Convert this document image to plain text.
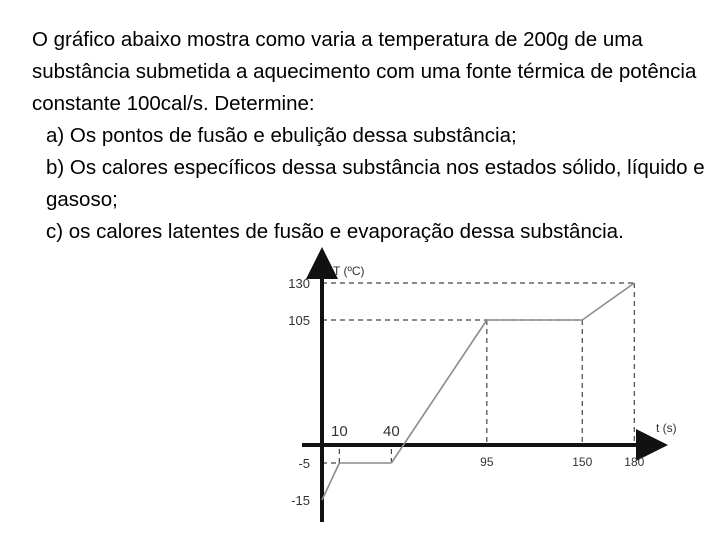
O gráfico abaixo mostra como varia a temperatura de 200g de uma substância submetida a aquecimento com uma fonte térmica de potência constante 100cal/s. Determine:

a) Os pontos de fusão e ebulição dessa substância;

b) Os calores específicos dessa substância nos estados sólido, líquido e gasoso;

c) os calores latentes de fusão e evaporação dessa substância.

T (ºC)
t (s)
130
105
-5
-15
10 40
95	150	180
